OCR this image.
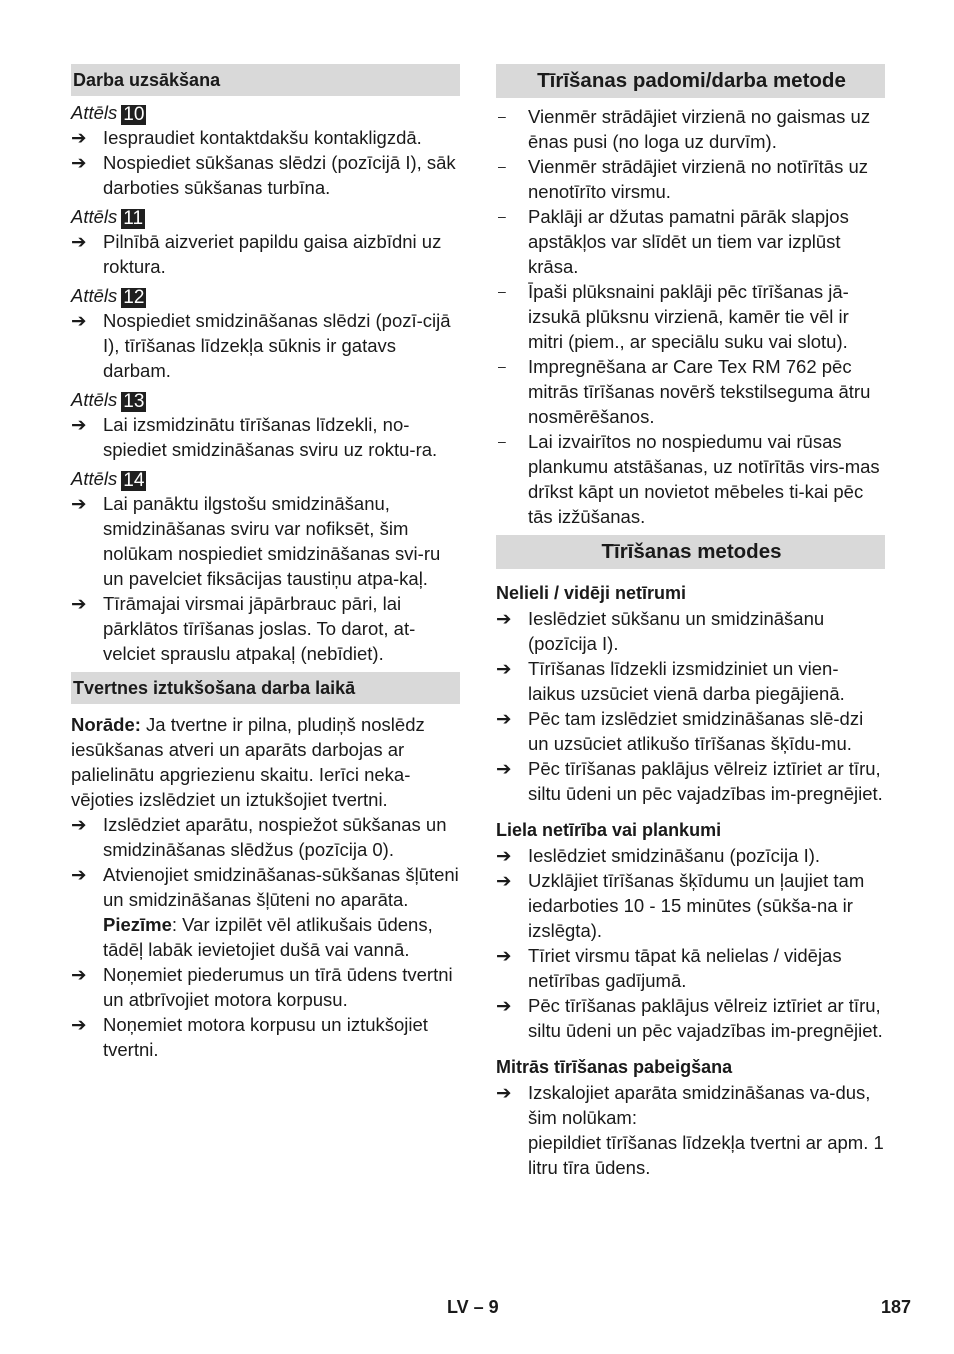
Darba uzsākšana
Attēls 10
➔ Iespraudiet kontaktdakšu kontakligzdā.
➔ Nospiediet sūkšanas slēdzi (pozīcijā I), sāk darboties sūkšanas turbīna.
Attēls 11
➔ Pilnībā aizveriet papildu gaisa aizbīdni uz roktura.
Attēls 12
➔ Nospiediet smidzināšanas slēdzi (pozī-cijā I), tīrīšanas līdzekļa sūknis ir gatavs darbam.
Attēls 13
➔ Lai izsmidzinātu tīrīšanas līdzekli, no-spiediet smidzināšanas sviru uz roktu-ra.
Attēls 14
➔ Lai panāktu ilgstošu smidzināšanu, smidzināšanas sviru var nofiksēt, šim nolūkam nospiediet smidzināšanas svi-ru un pavelciet fiksācijas taustiņu atpa-kaļ.
➔ Tīrāmajai virsmai jāpārbrauc pāri, lai pārklātos tīrīšanas joslas. To darot, at-velciet sprauslu atpakaļ (nebīdiet).
Tvertnes iztukšošana darba laikā
Norāde: Ja tvertne ir pilna, pludiņš noslēdz iesūkšanas atveri un aparāts darbojas ar palielinātu apgriezienu skaitu. Ierīci neka-vējoties izslēdziet un iztukšojiet tvertni.
➔ Izslēdziet aparātu, nospiežot sūkšanas un smidzināšanas slēdžus (pozīcija 0).
➔ Atvienojiet smidzināšanas-sūkšanas šļūteni un smidzināšanas šļūteni no aparāta.
Piezīme: Var izpilēt vēl atlikušais ūdens, tādēļ labāk ievietojiet dušā vai vannā.
➔ Noņemiet piederumus un tīrā ūdens tvertni un atbrīvojiet motora korpusu.
➔ Noņemiet motora korpusu un iztukšojiet tvertni.
Tīrīšanas padomi/darba metode
–	Vienmēr strādājiet virzienā no gaismas uz ēnas pusi (no loga uz durvīm).
–	Vienmēr strādājiet virzienā no notīrītās uz nenotīrīto virsmu.
–	Paklāji ar džutas pamatni pārāk slapjos apstākļos var slīdēt un tiem var izplūst krāsa.
–	Īpaši plūksnaini paklāji pēc tīrīšanas jā-izsukā plūksnu virzienā, kamēr tie vēl ir mitri (piem., ar speciālu suku vai slotu).
–	Impregnēšana ar Care Tex RM 762 pēc mitrās tīrīšanas novērš tekstilseguma ātru nosmērēšanos.
–	Lai izvairītos no nospiedumu vai rūsas plankumu atstāšanas, uz notīrītās virs-mas drīkst kāpt un novietot mēbeles ti-kai pēc tās izžūšanas.
Tīrīšanas metodes
Nelieli / vidēji netīrumi
➔ Ieslēdziet sūkšanu un smidzināšanu (pozīcija I).
➔ Tīrīšanas līdzekli izsmidziniet un vien-laikus uzsūciet vienā darba piegājienā.
➔ Pēc tam izslēdziet smidzināšanas slē-dzi un uzsūciet atlikušo tīrīšanas šķīdu-mu.
➔ Pēc tīrīšanas paklājus vēlreiz iztīriet ar tīru, siltu ūdeni un pēc vajadzības im-pregnējiet.
Liela netīrība vai plankumi
➔ Ieslēdziet smidzināšanu (pozīcija I).
➔ Uzklājiet tīrīšanas šķīdumu un ļaujiet tam iedarboties 10 - 15 minūtes (sūkša-na ir izslēgta).
➔ Tīriet virsmu tāpat kā nelielas / vidējas netīrības gadījumā.
➔ Pēc tīrīšanas paklājus vēlreiz iztīriet ar tīru, siltu ūdeni un pēc vajadzības im-pregnējiet.
Mitrās tīrīšanas pabeigšana
➔ Izskalojiet aparāta smidzināšanas va-dus, šim nolūkam:
piepildiet tīrīšanas līdzekļa tvertni ar apm. 1 litru tīra ūdens.
LV – 9	187
